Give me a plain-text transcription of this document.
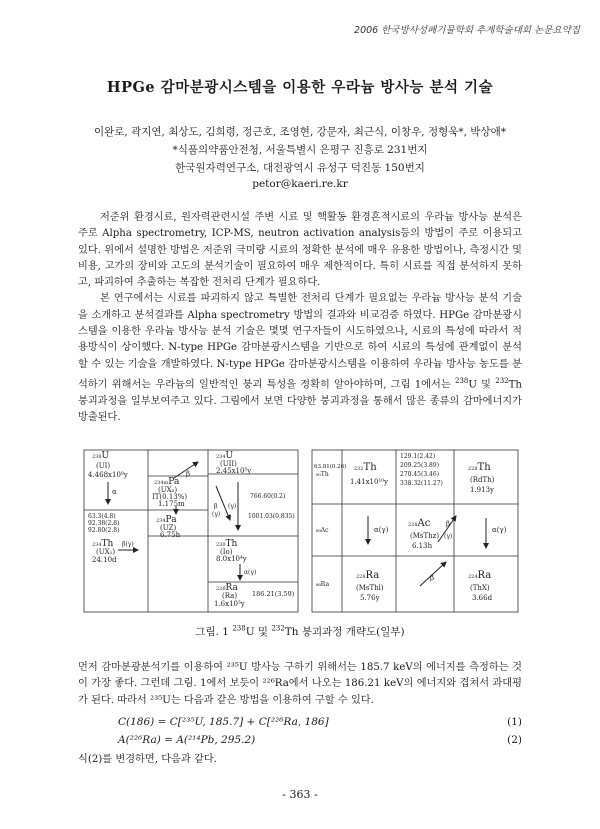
2006 한국방사성폐기물학회 추계학술대회 논문요약집
HPGe 감마분광시스템을 이용한 우라늄 방사능 분석 기술
이완로, 곽지연, 최상도, 김희령, 정근호, 조영현, 강문자, 최근식, 이창우, 정형욱*, 박상애*
*식품의약품안전청, 서울특별시 은평구 진흥로 231번지
한국원자력연구소, 대전광역시 유성구 덕진동 150번지
petor@kaeri.re.kr

저준위 환경시료, 원자력관련시설 주변 시료 및 핵활동 환경흔적시료의 우라늄 방사능 분석은 주로 Alpha spectrometry, ICP-MS, neutron activation analysis등의 방법이 주로 이용되고 있다. 위에서 설명한 방법은 저준위 극미량 시료의 정확한 분석에 매우 유용한 방법이나, 측정시간 및 비용, 고가의 장비와 고도의 분석기술이 필요하여 매우 제한적이다. 특히 시료를 직접 분석하지 못하고, 파괴하여 추출하는 복잡한 전처리 단계가 필요하다.

본 연구에서는 시료를 파괴하지 않고 특별한 전처리 단계가 필요없는 우라늄 방사능 분석 기술을 소개하고 분석결과를 Alpha spectrometry 방법의 결과와 비교검증 하였다. HPGe 감마분광시스템을 이용한 우라늄 방사능 분석 기술은 몇몇 연구자들이 시도하였으나, 시료의 특성에 따라서 적용방식이 상이했다. N-type HPGe 감마분광시스템을 기반으로 하여 시료의 특성에 관계없이 분석할 수 있는 기술을 개발하였다. N-type HPGe 감마분광시스템을 이용하여 우라늄 방사능 농도를 분석하기 위해서는 우라늄의 일반적인 붕괴 특성을 정확히 알아야하며, 그림 1에서는 $^{238}$U 및 $^{232}$Th 붕괴과정을 일부보여주고 있다. 그림에서 보면 다양한 붕괴과정을 통해서 많은 종류의 감마에너지가 방출된다.

238U
(UI)
4.468x10⁹y
234U
(UII)
2.45x10⁵y
234mPa
(UX₂)
IT(0.13%)
1.175m
234Pa
(UZ)
6.75h
234Th
(UX₁)
24.10d
63.3(4.8)
92.38(2.8)
92.80(2.8)
230Th
(Io)
8.0x10⁴y
226Ra
(Ra)
1.6x10³y
766.60(0.2)
1001.03(0.835)
186.21(3.59)
α
β
β
(γ)
(γ)
β(γ)
α(γ)
₉₀Th
₈₉Ac
₈₈Ra
63.81(0.26) 232Th
1.41x10¹⁰y
129.1(2.42)
209.25(3.89)
270.45(3.46)
338.32(11.27)
228Th
(RdTh)
1.913y
228Ac
(MsThz)
6.13h
228Ra
(MsThl)
5.76y
224Ra
(ThX)
3.66d
α(γ)
β
β
(γ)
α(γ)
그림. 1 $^{238}$U 및 $^{232}$Th 붕괴과정 개략도(일부)
먼저 감마분광분석기를 이용하여 ²³⁵U 방사능 구하기 위해서는 185.7 keV의 에너지를 측정하는 것이 가장 좋다. 그런데 그림. 1에서 보듯이 ²²⁶Ra에서 나오는 186.21 keV의 에너지와 겹쳐서 과대평가 된다. 따라서 ²³⁵U는 다음과 같은 방법을 이용하여 구할 수 있다.
C(186) = C[²³⁵U, 185.7] + C[²²⁶Ra, 186]	(1)
A(²²⁶Ra) = A(²¹⁴Pb, 295.2)	(2)
식(2)를 변경하면, 다음과 같다.
- 363 -
